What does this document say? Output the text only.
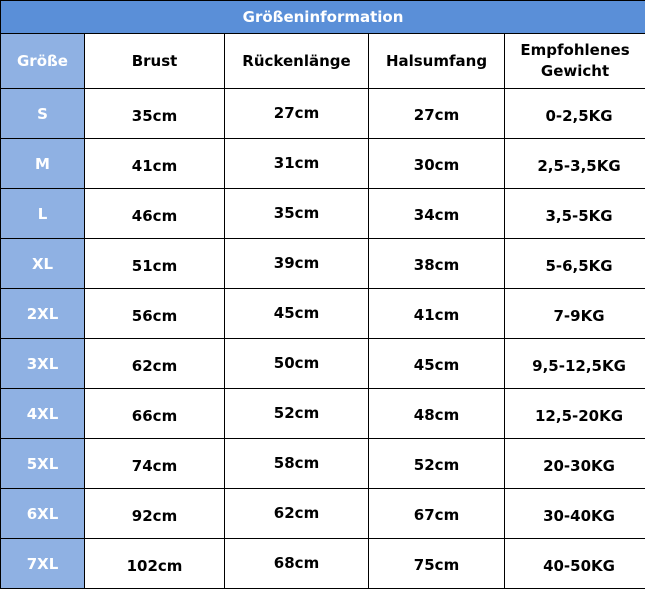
Größeninformation				
Größe	Brust	Rückenlänge	Halsumfang	Empfohlenes Gewicht
S	35cm	27cm	27cm	0-2,5KG
M	41cm	31cm	30cm	2,5-3,5KG
L	46cm	35cm	34cm	3,5-5KG
XL	51cm	39cm	38cm	5-6,5KG
2XL	56cm	45cm	41cm	7-9KG
3XL	62cm	50cm	45cm	9,5-12,5KG
4XL	66cm	52cm	48cm	12,5-20KG
5XL	74cm	58cm	52cm	20-30KG
6XL	92cm	62cm	67cm	30-40KG
7XL	102cm	68cm	75cm	40-50KG
